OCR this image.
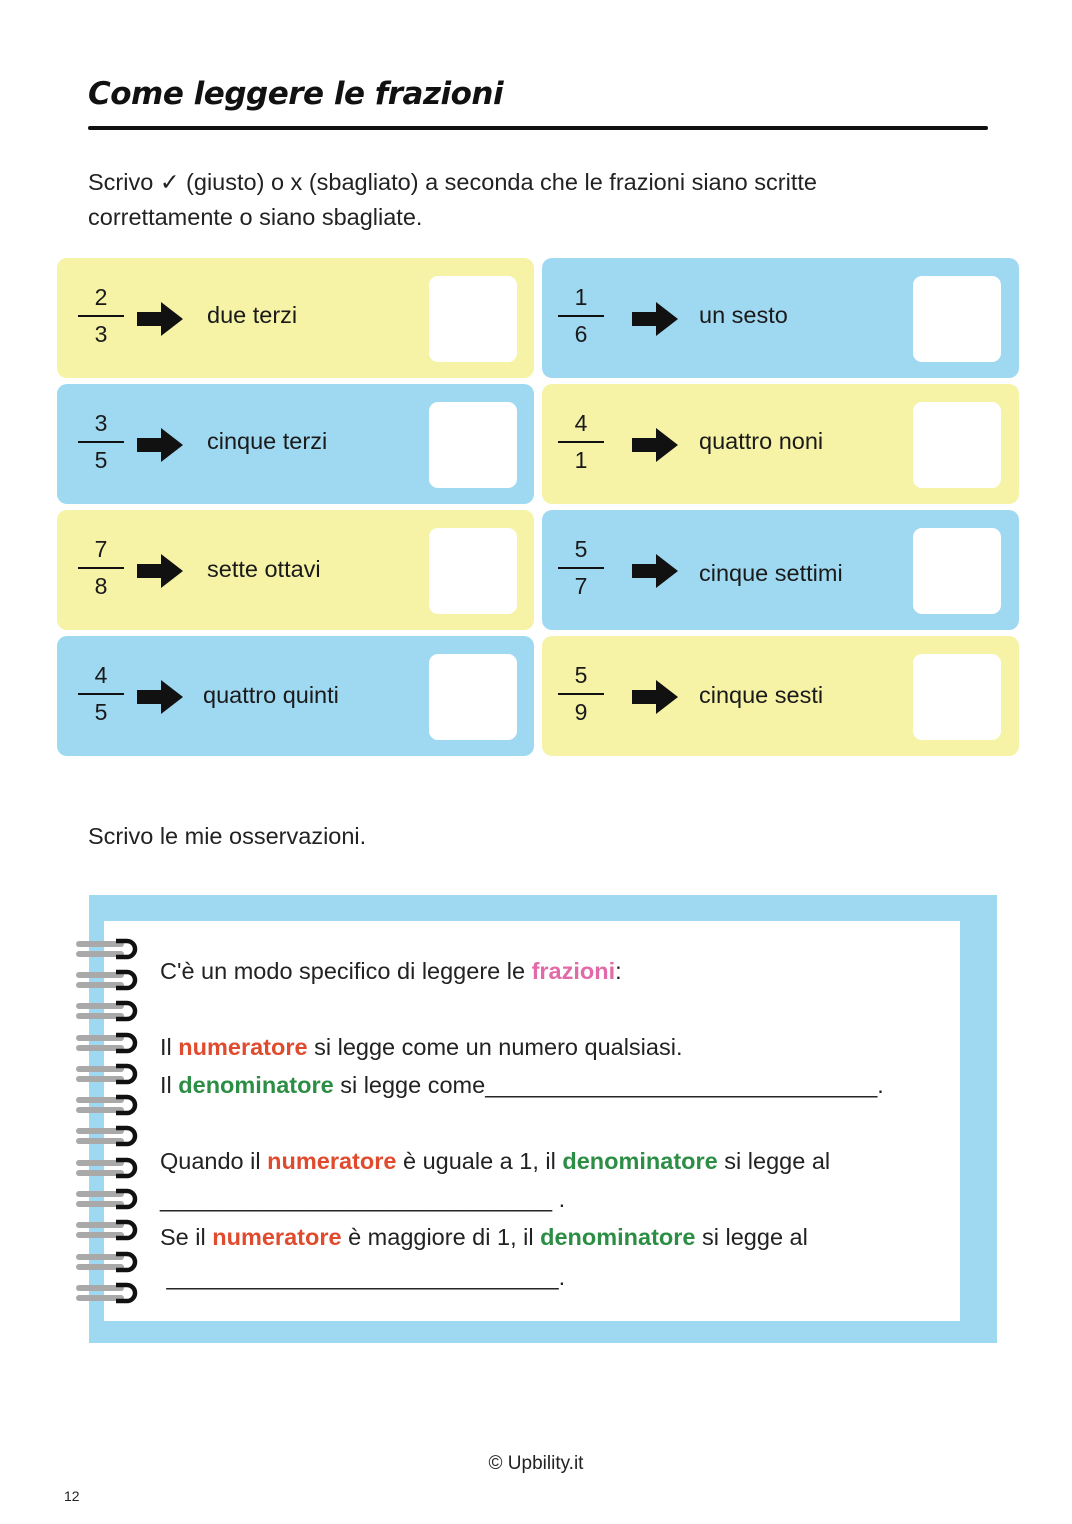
Come leggere le frazioni

Scrivo ✓ (giusto) o x (sbagliato) a seconda che le frazioni siano scritte correttamente o siano sbagliate.

2
3
due terzi
1
6
un sesto
3
5
cinque terzi
4
1
quattro noni
7
8
sette ottavi
5
7	cinque settimi
4
5
quattro quinti
5
9
cinque sesti

Scrivo le mie osservazioni.

C'è un modo specifico di leggere le frazioni:
Il numeratore si legge come un numero qualsiasi.
Il denominatore si legge come______________________________.
Quando il numeratore è uguale a 1, il denominatore si legge al
______________________________ .
Se il numeratore è maggiore di 1, il denominatore si legge al
______________________________.
© Upbility.it
12
